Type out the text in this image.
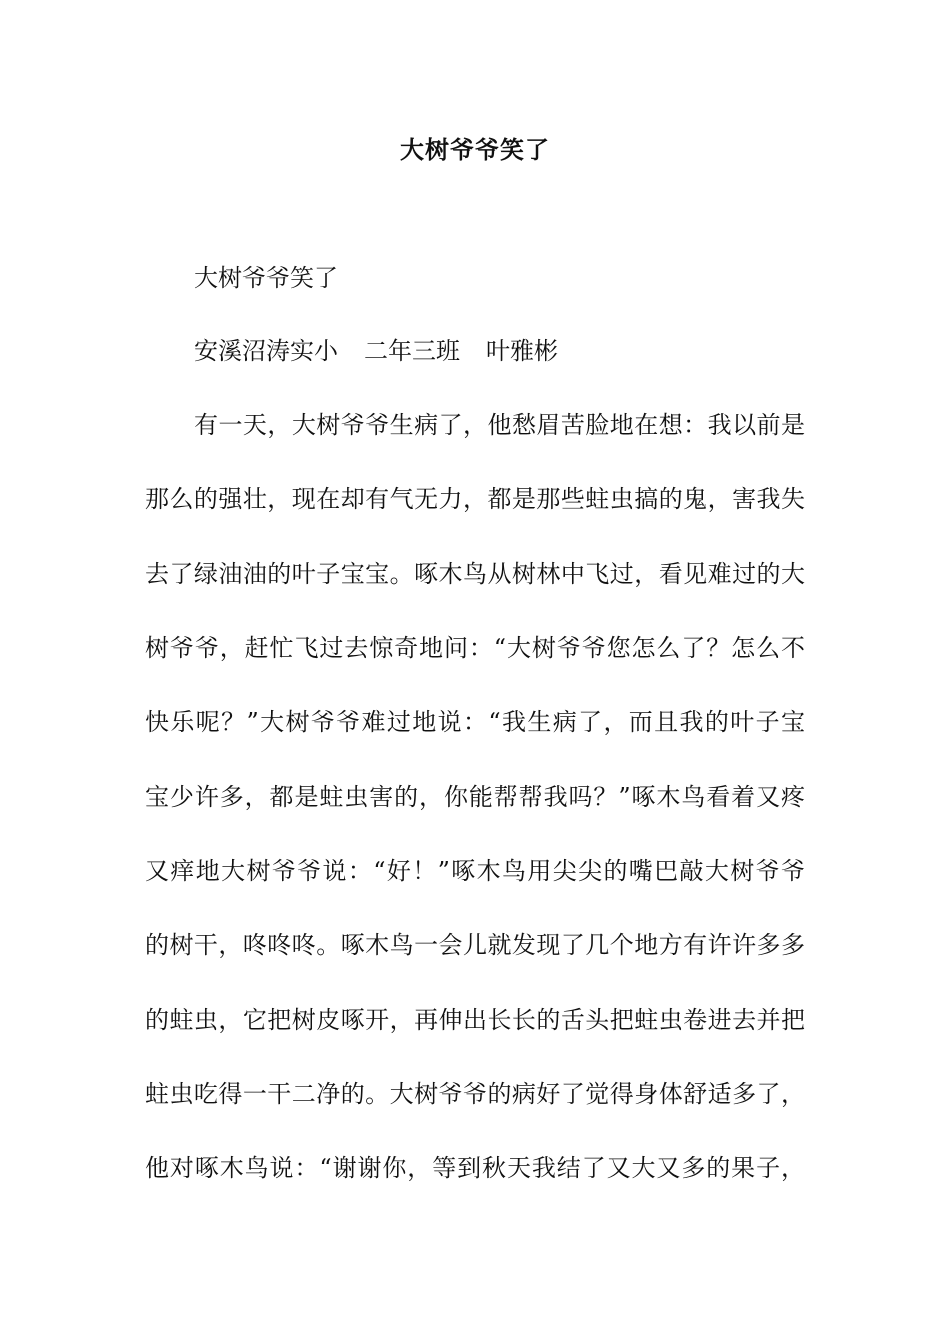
大树爷爷笑了
大树爷爷笑了
安溪沼涛实小 二年三班 叶雅彬
有一天，大树爷爷生病了，他愁眉苦脸地在想：我以前是
那么的强壮，现在却有气无力，都是那些蛀虫搞的鬼，害我失
去了绿油油的叶子宝宝。啄木鸟从树林中飞过，看见难过的大
树爷爷，赶忙飞过去惊奇地问：“大树爷爷您怎么了？怎么不
快乐呢？”大树爷爷难过地说：“我生病了，而且我的叶子宝
宝少许多，都是蛀虫害的，你能帮帮我吗？”啄木鸟看着又疼
又痒地大树爷爷说：“好！”啄木鸟用尖尖的嘴巴敲大树爷爷
的树干，咚咚咚。啄木鸟一会儿就发现了几个地方有许许多多
的蛀虫，它把树皮啄开，再伸出长长的舌头把蛀虫卷进去并把
蛀虫吃得一干二净的。大树爷爷的病好了觉得身体舒适多了，
他对啄木鸟说：“谢谢你，等到秋天我结了又大又多的果子，
